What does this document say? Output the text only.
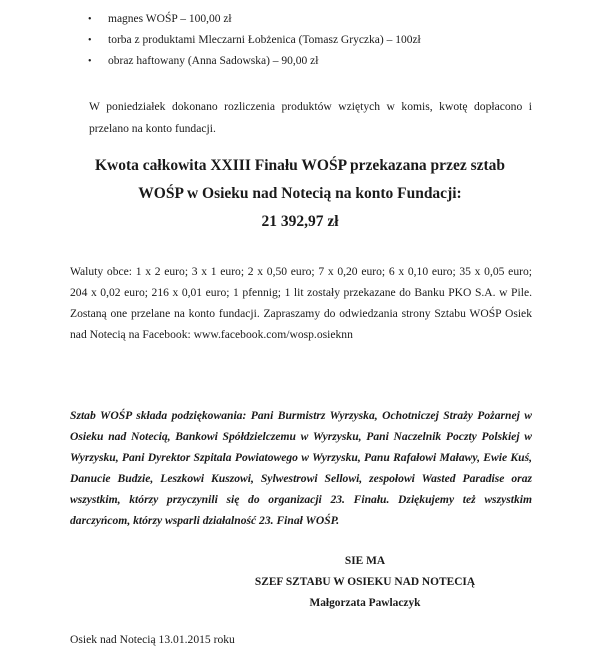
• magnes WOŚP – 100,00 zł
• torba z produktami Mleczarni Łobżenica (Tomasz Gryczka) – 100zł
• obraz haftowany (Anna Sadowska) – 90,00 zł

W poniedziałek dokonano rozliczenia produktów wziętych w komis, kwotę dopłacono i przelano na konto fundacji.

Kwota całkowita XXIII Finału WOŚP przekazana przez sztab
WOŚP w Osieku nad Notecią na konto Fundacji:
21 392,97 zł

Waluty obce: 1 x 2 euro; 3 x 1 euro; 2 x 0,50 euro; 7 x 0,20 euro; 6 x 0,10 euro; 35 x 0,05 euro; 204 x 0,02 euro; 216 x 0,01 euro; 1 pfennig; 1 lit zostały przekazane do Banku PKO S.A. w Pile. Zostaną one przelane na konto fundacji. Zapraszamy do odwiedzania strony Sztabu WOŚP Osiek nad Notecią na Facebook: www.facebook.com/wosp.osieknn

Sztab WOŚP składa podziękowania: Pani Burmistrz Wyrzyska, Ochotniczej Straży Pożarnej w Osieku nad Notecią, Bankowi Spółdzielczemu w Wyrzysku, Pani Naczelnik Poczty Polskiej w Wyrzysku, Pani Dyrektor Szpitala Powiatowego w Wyrzysku, Panu Rafałowi Maławy, Ewie Kuś, Danucie Budzie, Leszkowi Kuszowi, Sylwestrowi Sellowi, zespołowi Wasted Paradise oraz wszystkim, którzy przyczynili się do organizacji 23. Finału. Dziękujemy też wszystkim darczyńcom, którzy wsparli działalność 23. Finał WOŚP.

SIE MA
SZEF SZTABU W OSIEKU NAD NOTECIĄ
Małgorzata Pawlaczyk
Osiek nad Notecią 13.01.2015 roku
